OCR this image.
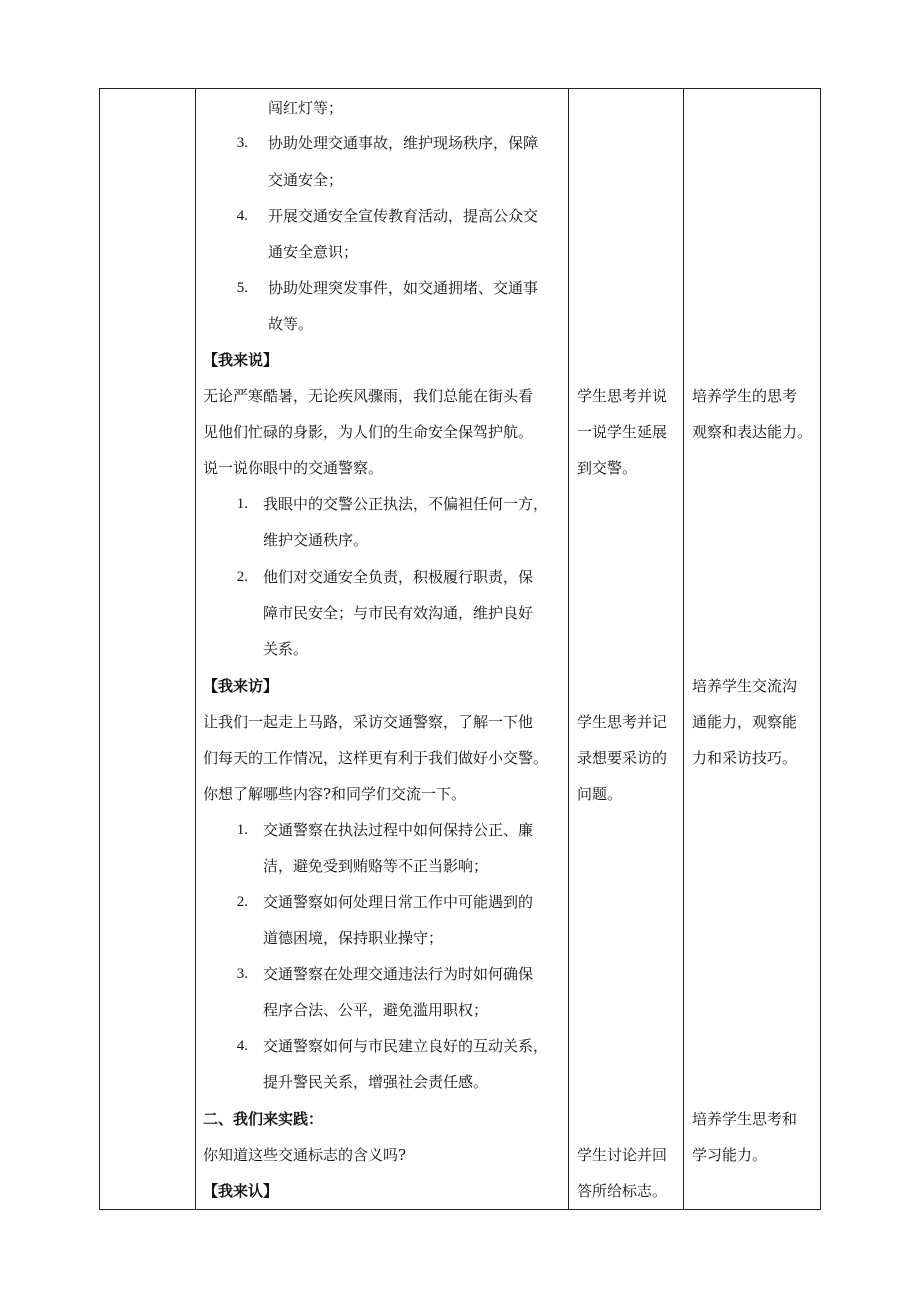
闯红灯等；
3. 协助处理交通事故，维护现场秩序，保障
交通安全；
4. 开展交通安全宣传教育活动，提高公众交
通安全意识；
5. 协助处理突发事件，如交通拥堵、交通事
故等。
【我来说】
无论严寒酷暑，无论疾风骤雨，我们总能在街头看
见他们忙碌的身影，为人们的生命安全保驾护航。
说一说你眼中的交通警察。
1. 我眼中的交警公正执法，不偏袒任何一方，
维护交通秩序。
2. 他们对交通安全负责，积极履行职责，保
障市民安全；与市民有效沟通，维护良好
关系。
【我来访】
让我们一起走上马路，采访交通警察，了解一下他
们每天的工作情况，这样更有利于我们做好小交警。
你想了解哪些内容?和同学们交流一下。
1. 交通警察在执法过程中如何保持公正、廉
洁，避免受到贿赂等不正当影响；
2. 交通警察如何处理日常工作中可能遇到的
道德困境，保持职业操守；
3. 交通警察在处理交通违法行为时如何确保
程序合法、公平，避免滥用职权；
4. 交通警察如何与市民建立良好的互动关系，
提升警民关系，增强社会责任感。
二、我们来实践：
你知道这些交通标志的含义吗?
【我来认】
学生思考并说
一说学生延展
到交警。
学生思考并记
录想要采访的
问题。
学生讨论并回
答所给标志。
培养学生的思考
观察和表达能力。
培养学生交流沟
通能力，观察能
力和采访技巧。
培养学生思考和
学习能力。
